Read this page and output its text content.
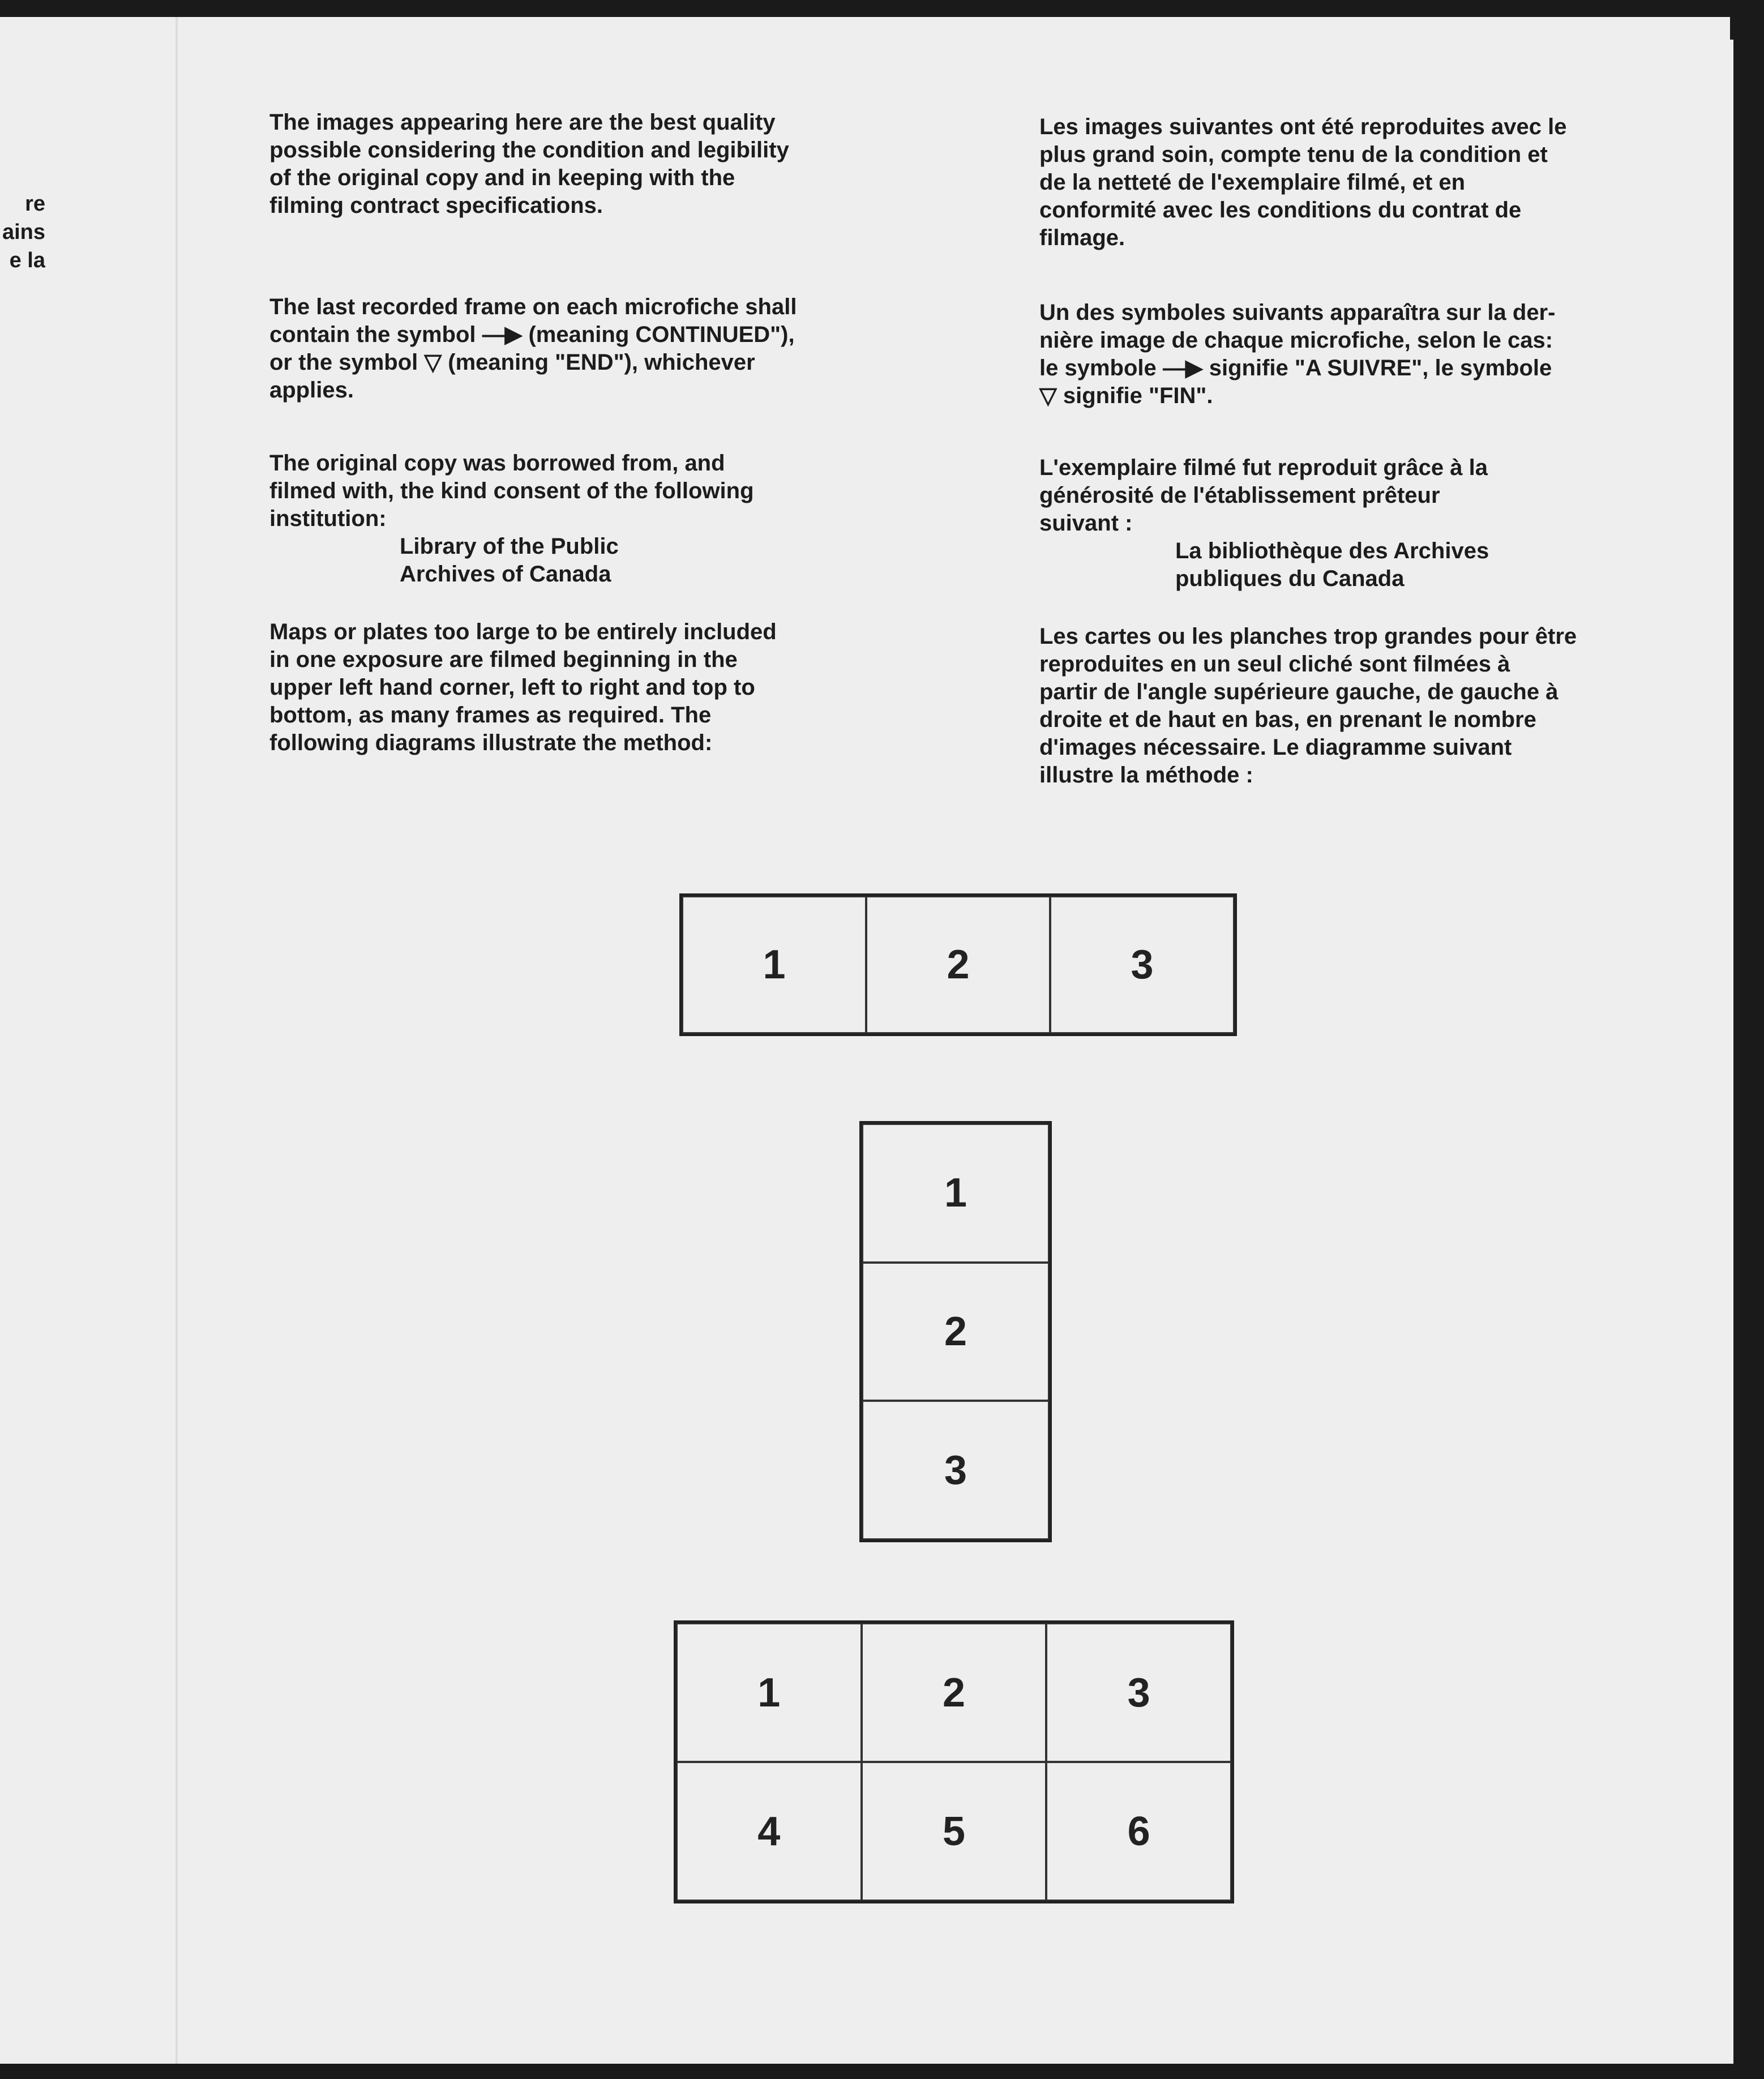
re
ains
e la
The images appearing here are the best quality
possible considering the condition and legibility
of the original copy and in keeping with the
filming contract specifications.
The last recorded frame on each microfiche shall
contain the symbol —▶ (meaning CONTINUED"),
or the symbol ▽ (meaning "END"), whichever
applies.
The original copy was borrowed from, and
filmed with, the kind consent of the following
institution:
Library of the Public
Archives of Canada
Maps or plates too large to be entirely included
in one exposure are filmed beginning in the
upper left hand corner, left to right and top to
bottom, as many frames as required. The
following diagrams illustrate the method:
Les images suivantes ont été reproduites avec le
plus grand soin, compte tenu de la condition et
de la netteté de l'exemplaire filmé, et en
conformité avec les conditions du contrat de
filmage.
Un des symboles suivants apparaîtra sur la der-
nière image de chaque microfiche, selon le cas:
le symbole —▶ signifie "A SUIVRE", le symbole
▽ signifie "FIN".
L'exemplaire filmé fut reproduit grâce à la
générosité de l'établissement prêteur
suivant :
La bibliothèque des Archives
publiques du Canada
Les cartes ou les planches trop grandes pour être
reproduites en un seul cliché sont filmées à
partir de l'angle supérieure gauche, de gauche à
droite et de haut en bas, en prenant le nombre
d'images nécessaire. Le diagramme suivant
illustre la méthode :
1	2	3
1
2
3
1	2	3
4	5	6
